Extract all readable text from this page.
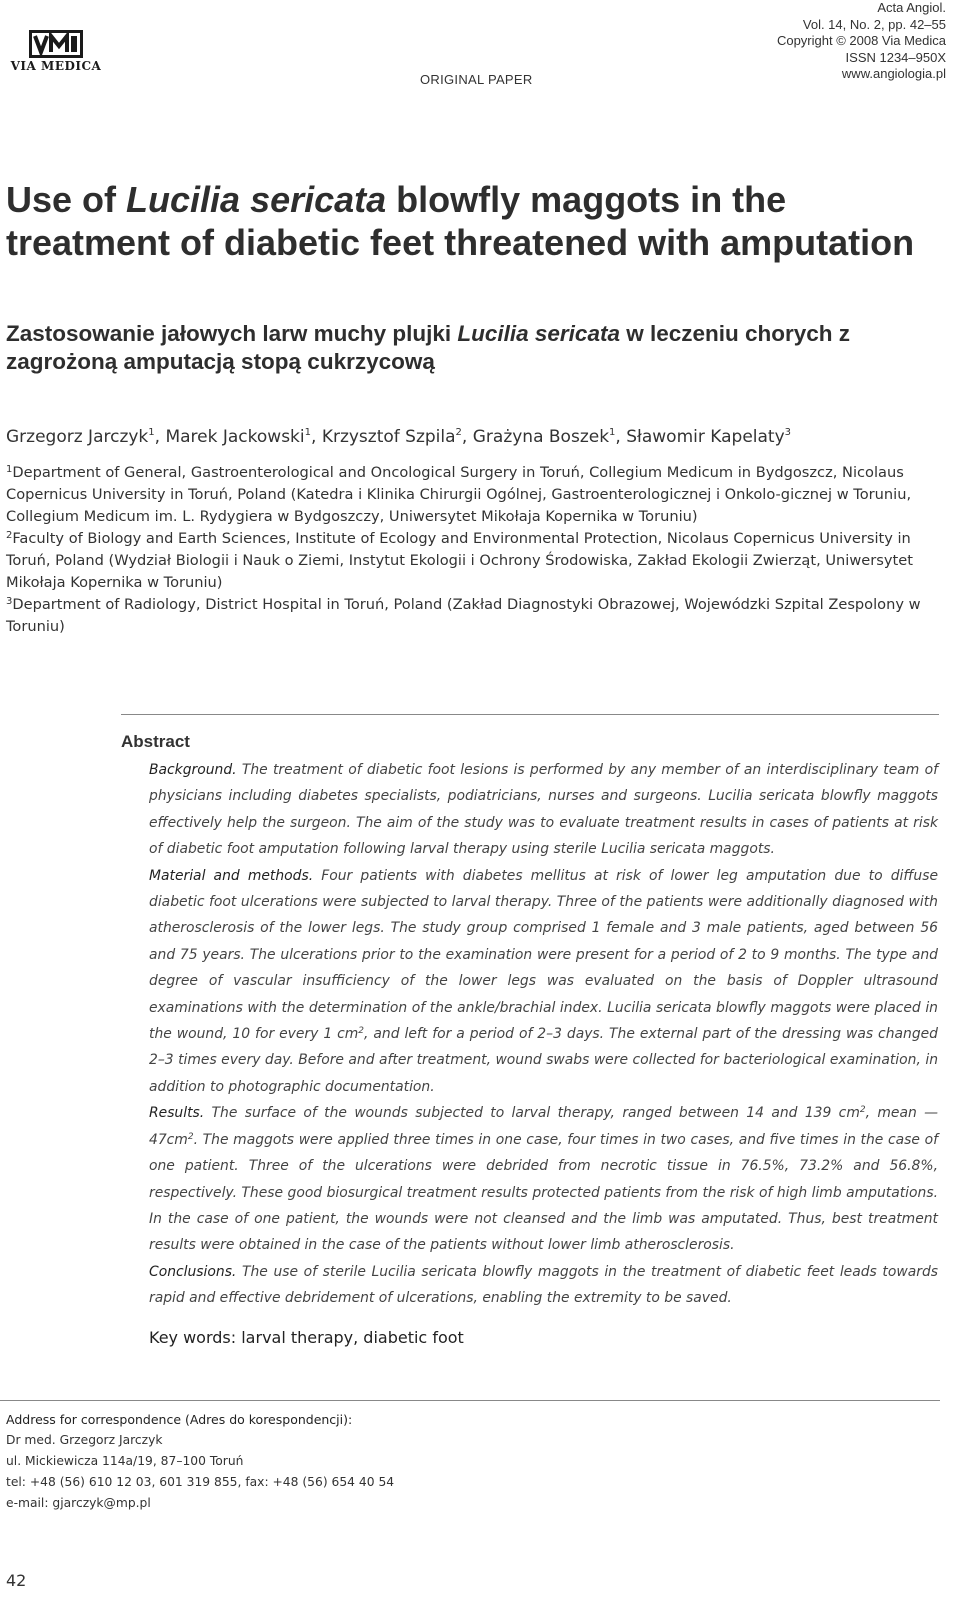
VIA MEDICA
ORIGINAL PAPER
Acta Angiol.
Vol. 14, No. 2, pp. 42–55
Copyright © 2008 Via Medica
ISSN 1234–950X
www.angiologia.pl
Use of Lucilia sericata blowfly maggots in the treatment of diabetic feet threatened with amputation
Zastosowanie jałowych larw muchy plujki Lucilia sericata w leczeniu chorych z zagrożoną amputacją stopą cukrzycową
Grzegorz Jarczyk$^1$, Marek Jackowski$^1$, Krzysztof Szpila$^2$, Grażyna Boszek$^1$, Sławomir Kapelaty$^3$

$^1$Department of General, Gastroenterological and Oncological Surgery in Toruń, Collegium Medicum in Bydgoszcz, Nicolaus Copernicus University in Toruń, Poland (Katedra i Klinika Chirurgii Ogólnej, Gastroenterologicznej i Onkolo-gicznej w Toruniu, Collegium Medicum im. L. Rydygiera w Bydgoszczy, Uniwersytet Mikołaja Kopernika w Toruniu)

$^2$Faculty of Biology and Earth Sciences, Institute of Ecology and Environmental Protection, Nicolaus Copernicus University in Toruń, Poland (Wydział Biologii i Nauk o Ziemi, Instytut Ekologii i Ochrony Środowiska, Zakład Ekologii Zwierząt, Uniwersytet Mikołaja Kopernika w Toruniu)

$^3$Department of Radiology, District Hospital in Toruń, Poland (Zakład Diagnostyki Obrazowej, Wojewódzki Szpital Zespolony w Toruniu)

Abstract

Background. The treatment of diabetic foot lesions is performed by any member of an interdisciplinary team of physicians including diabetes specialists, podiatricians, nurses and surgeons. Lucilia sericata blowfly maggots effectively help the surgeon. The aim of the study was to evaluate treatment results in cases of patients at risk of diabetic foot amputation following larval therapy using sterile Lucilia sericata maggots.

Material and methods. Four patients with diabetes mellitus at risk of lower leg amputation due to diffuse diabetic foot ulcerations were subjected to larval therapy. Three of the patients were additionally diagnosed with atherosclerosis of the lower legs. The study group comprised 1 female and 3 male patients, aged between 56 and 75 years. The ulcerations prior to the examination were present for a period of 2 to 9 months. The type and degree of vascular insufficiency of the lower legs was evaluated on the basis of Doppler ultrasound examinations with the determination of the ankle/brachial index. Lucilia sericata blowfly maggots were placed in the wound, 10 for every 1 $cm^2$, and left for a period of 2–3 days. The external part of the dressing was changed 2–3 times every day. Before and after treatment, wound swabs were collected for bacteriological examination, in addition to photographic documentation.

Results. The surface of the wounds subjected to larval therapy, ranged between 14 and 139 $cm^2$, mean — $47cm^2$. The maggots were applied three times in one case, four times in two cases, and five times in the case of one patient. Three of the ulcerations were debrided from necrotic tissue in 76.5%, 73.2% and 56.8%, respectively. These good biosurgical treatment results protected patients from the risk of high limb amputations. In the case of one patient, the wounds were not cleansed and the limb was amputated. Thus, best treatment results were obtained in the case of the patients without lower limb atherosclerosis.

Conclusions. The use of sterile Lucilia sericata blowfly maggots in the treatment of diabetic feet leads towards rapid and effective debridement of ulcerations, enabling the extremity to be saved.

Key words: larval therapy, diabetic foot
Address for correspondence (Adres do korespondencji):
Dr med. Grzegorz Jarczyk
ul. Mickiewicza 114a/19, 87–100 Toruń
tel: +48 (56) 610 12 03, 601 319 855, fax: +48 (56) 654 40 54
e-mail: gjarczyk@mp.pl
42
